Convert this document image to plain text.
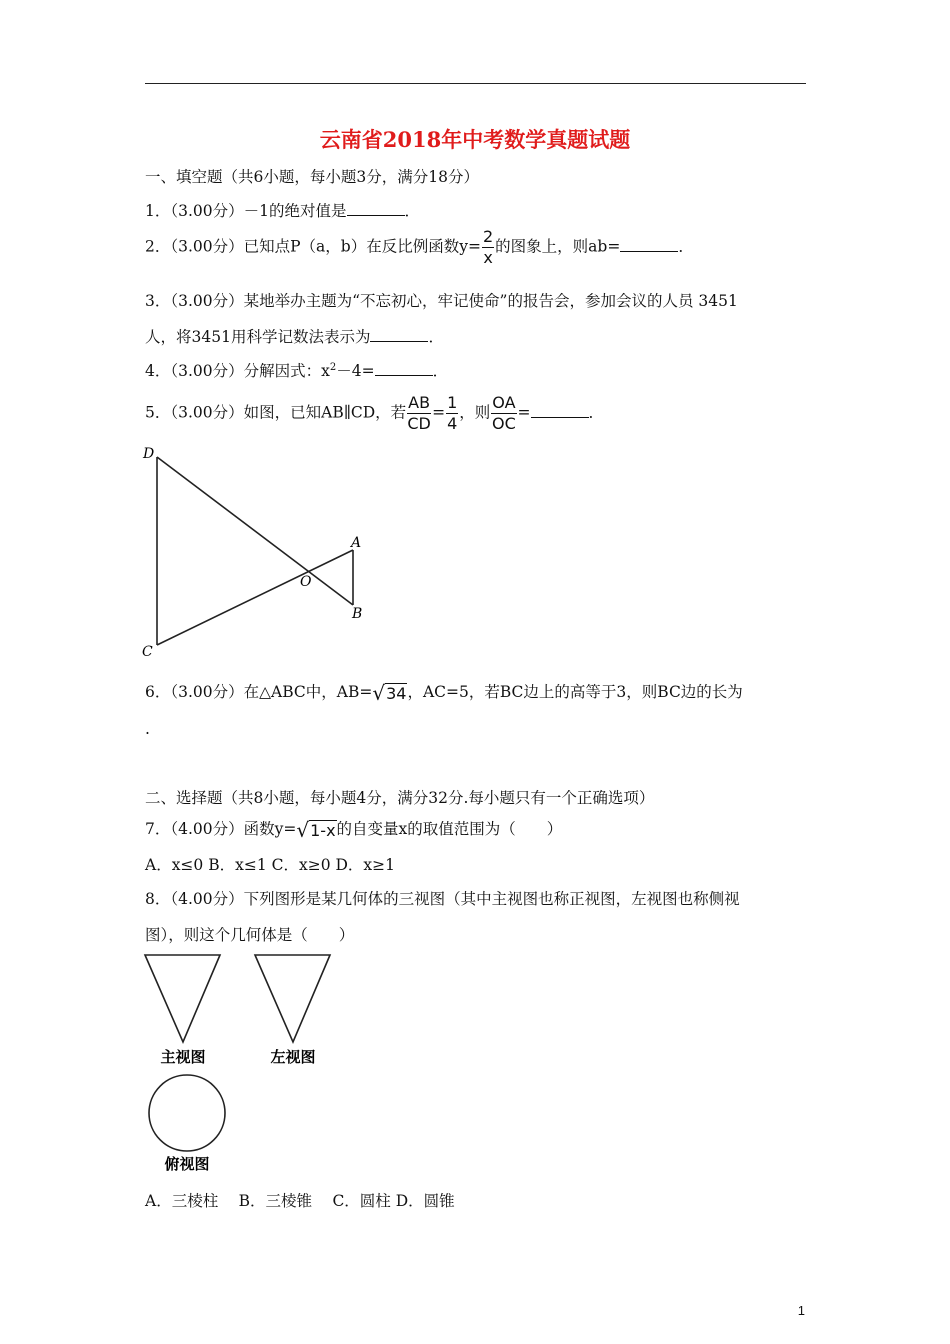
云南省2018年中考数学真题试题
一、填空题（共6小题，每小题3分，满分18分）
1．（3.00分）－1的绝对值是	．
2．（3.00分）已知点P（a，b）在反比例函数$y= \frac{2}{x}$ 的图象上，则ab=	．
3．（3.00分）某地举办主题为“不忘初心，牢记使命”的报告会，参加会议的人员 3451
人，将3451用科学记数法表示为	．
4．（3.00分）分解因式：$x^2-4=$	．
5．（3.00分）如图，已知AB∥CD，若 $\frac{AB}{CD} = \frac{1}{4}$ ，则 $\frac{OA}{OC}$ =	．
D
A
O
B
C
6．（3.00分）在△ABC中，AB= √ 34 ，AC=5，若BC边上的高等于3，则BC边的长为
.
二、选择题（共8小题，每小题4分，满分32分.每小题只有一个正确选项）
7．（4.00分）函数y= √ 1-x 的自变量x的取值范围为（　　）
A．x≤0 B．x≤1 C．x≥0 D．x≥1
8．（4.00分）下列图形是某几何体的三视图（其中主视图也称正视图，左视图也称侧视
图），则这个几何体是（　　）
主视图	左视图
俯视图
A．三棱柱　 B．三棱锥　 C．圆柱 D．圆锥
1
